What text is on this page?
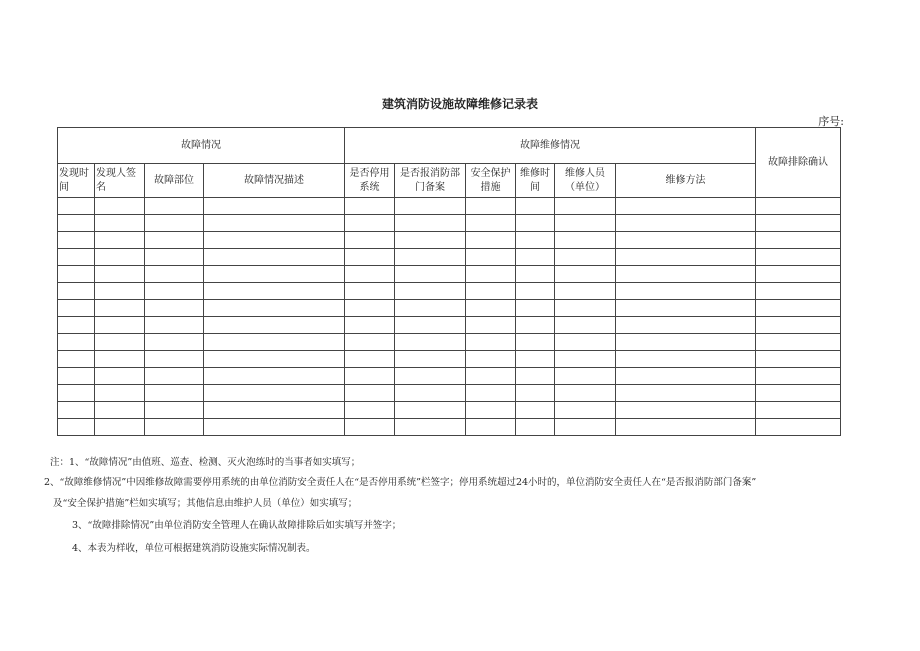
建筑消防设施故障维修记录表
序号:
故障情况				故障维修情况						故障排除确认
发现时间	发现人签名	故障部位	故障情况描述	是否停用系统	是否报消防部门备案	安全保护措施	维修时间	维修人员（单位）	维修方法	

注：1、“故障情况”由值班、巡查、检测、灭火泡练时的当事者如实填写；
2、“故障维修情况”中因维修故障需要停用系统的由单位消防安全责任人在“是否停用系统”栏签字；停用系统超过24小时的，单位消防安全责任人在“是否报消防部门备案”
及“安全保护措施”栏如实填写；其他信息由维护人员（单位）如实填写；
3、“故障排除情况”由单位消防安全管理人在确认故障排除后如实填写并签字；
4、本表为样收，单位可根据建筑消防设施实际情况制表。
